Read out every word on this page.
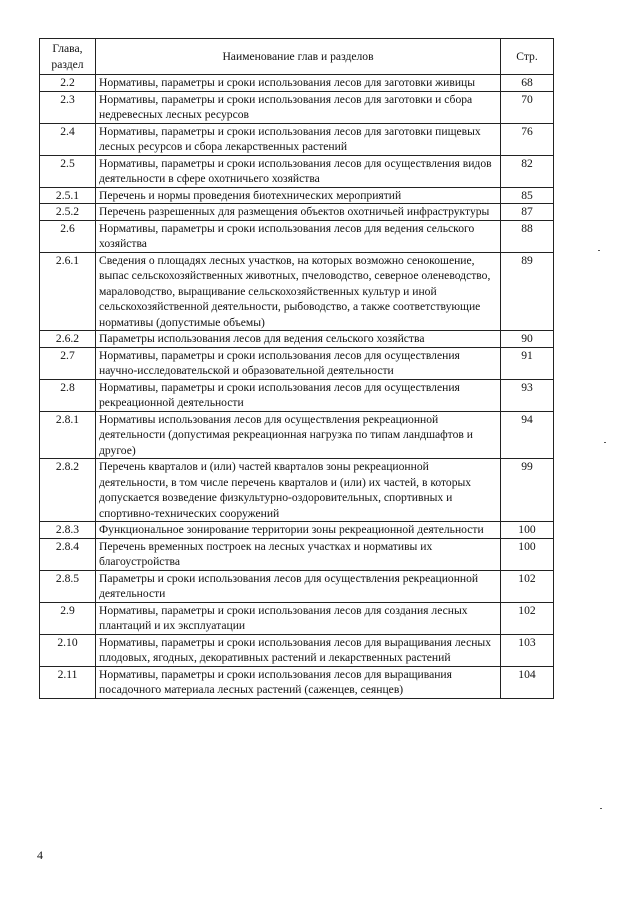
Глава, раздел	Наименование глав и разделов	Стр.
2.2	Нормативы, параметры и сроки использования лесов для заготовки живицы	68
2.3	Нормативы, параметры и сроки использования лесов для заготовки и сбора недревесных лесных ресурсов	70
2.4	Нормативы, параметры и сроки использования лесов для заготовки пищевых лесных ресурсов и сбора лекарственных растений	76
2.5	Нормативы, параметры и сроки использования лесов для осуществления видов деятельности в сфере охотничьего хозяйства	82
2.5.1	Перечень и нормы проведения биотехнических мероприятий	85
2.5.2	Перечень разрешенных для размещения объектов охотничьей инфраструктуры	87
2.6	Нормативы, параметры и сроки использования лесов для ведения сельского хозяйства	88
2.6.1	Сведения о площадях лесных участков, на которых возможно сенокошение, выпас сельскохозяйственных животных, пчеловодство, северное оленеводство, мараловодство, выращивание сельскохозяйственных культур и иной сельскохозяйственной деятельности, рыбоводство, а также соответствующие нормативы (допустимые объемы)	89
2.6.2	Параметры использования лесов для ведения сельского хозяйства	90
2.7	Нормативы, параметры и сроки использования лесов для осуществления научно-исследовательской и образовательной деятельности	91
2.8	Нормативы, параметры и сроки использования лесов для осуществления рекреационной деятельности	93
2.8.1	Нормативы использования лесов для осуществления рекреационной деятельности (допустимая рекреационная нагрузка по типам ландшафтов и другое)	94
2.8.2	Перечень кварталов и (или) частей кварталов зоны рекреационной деятельности, в том числе перечень кварталов и (или) их частей, в которых допускается возведение физкультурно-оздоровительных, спортивных и спортивно-технических сооружений	99
2.8.3	Функциональное зонирование территории зоны рекреационной деятельности	100
2.8.4	Перечень временных построек на лесных участках и нормативы их благоустройства	100
2.8.5	Параметры и сроки использования лесов для осуществления рекреационной деятельности	102
2.9	Нормативы, параметры и сроки использования лесов для создания лесных плантаций и их эксплуатации	102
2.10	Нормативы, параметры и сроки использования лесов для выращивания лесных плодовых, ягодных, декоративных растений и лекарственных растений	103
2.11	Нормативы, параметры и сроки использования лесов для выращивания посадочного материала лесных растений (саженцев, сеянцев)	104
4
